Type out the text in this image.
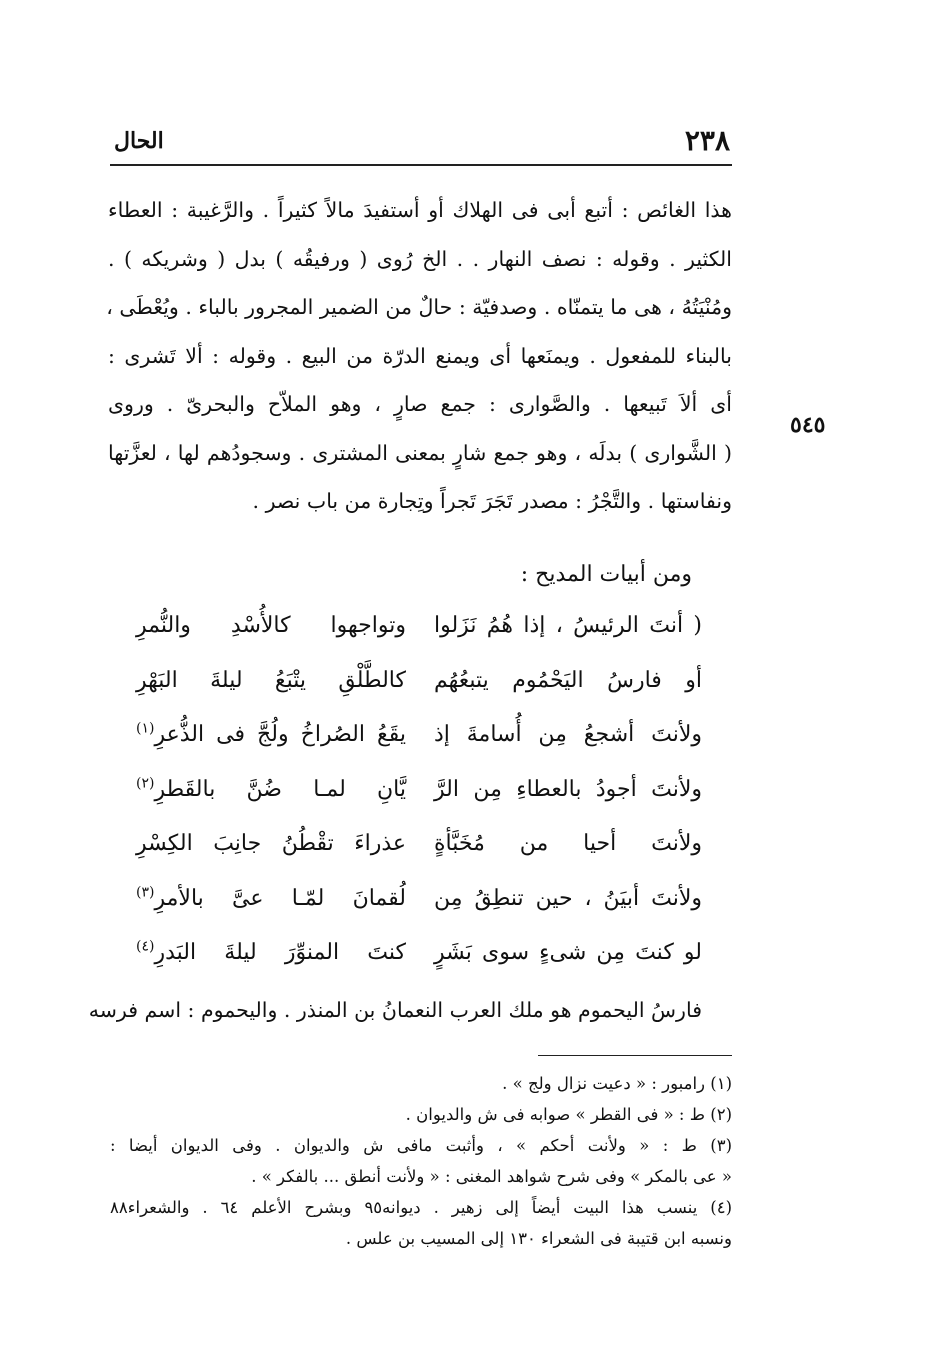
٢٣٨
الحال
٥٤٥
هذا الغائص : أتبع أبى فى الهلاك أو أستفيدَ مالاً كثيراً . والرَّغيبة : العطاء
الكثير . وقوله : نصف النهار . . الخ رُوى ( ورفيقُه ) بدل ( وشريكه ) .
ومُنْيَتُهُ ، هى ما يتمنّاه . وصدفيّة : حالٌ من الضمير المجرور بالباء . ويُعْطَى ،
بالبناء للمفعول . ويمنَعها أى ويمنع الدرّة من البيع . وقوله : ألا تَشرى :
أى ألاَ تَبيعها . والصَّوارى : جمع صارٍ ، وهو الملاّح والبحرىّ . وروى
( الشَّوارى ) بدلَه ، وهو جمع شارٍ بمعنى المشترى . وسجودُهم لها ، لعزَّتها
ونفاستها . والتَّجْرُ : مصدر تَجَرَ تَجراً وتِجارة من باب نصر .
ومن أبيات المديح :
( أنتَ الرئيسُ ، إذا هُمُ نَزَلوا
وتواجهوا كالأُسْدِ والنُّمرِ
أو فارسُ اليَحْمُوم يتبعُهُم
كالطَّلْقِ يتْبَعُ ليلةَ البَهْرِ
ولأنتَ أشجعُ مِن أُسامةَ إذ
يقَعُ الصُراخُ ولُجَّ فى الذُّعرِ$^{(١)}$
ولأنتَ أجودُ بالعطاءِ مِن الرَّ
يَّانِ لمـا ضُنَّ بالقَطرِ$^{(٢)}$
ولأنتَ أحيا من مُخَبَّأةٍ
عذراءَ تقْطُنُ جانِبَ الكِسْرِ
ولأنتَ أبيَنُ ، حين تنطِقُ مِن
لُقمانَ لمّـا عىَّ بالأمرِ$^{(٣)}$
لو كنتَ مِن شىءٍ سوى بَشَرٍ
كنتَ المنوِّرَ ليلةَ البَدرِ$^{(٤)}$
فارسُ اليحموم هو ملك العرب النعمانُ بن المنذر . واليحموم : اسم فرسه
(١) رامبور : « دعيت نزال ولج » .
(٢) ط : « فى القطر » صوابه فى ش والديوان .
(٣) ط : « ولأنت أحكم » ، وأثبت مافى ش والديوان . وفى الديوان أيضا :
« عى بالمكر » وفى شرح شواهد المغنى : « ولأنت أنطق ... بالفكر » .
(٤) ينسب هذا البيت أيضاً إلى زهير . ديوانه٩٥ وبشرح الأعلم ٦٤ . والشعراء٨٨
ونسبه ابن قتيبة فى الشعراء ١٣٠ إلى المسيب بن علس .
